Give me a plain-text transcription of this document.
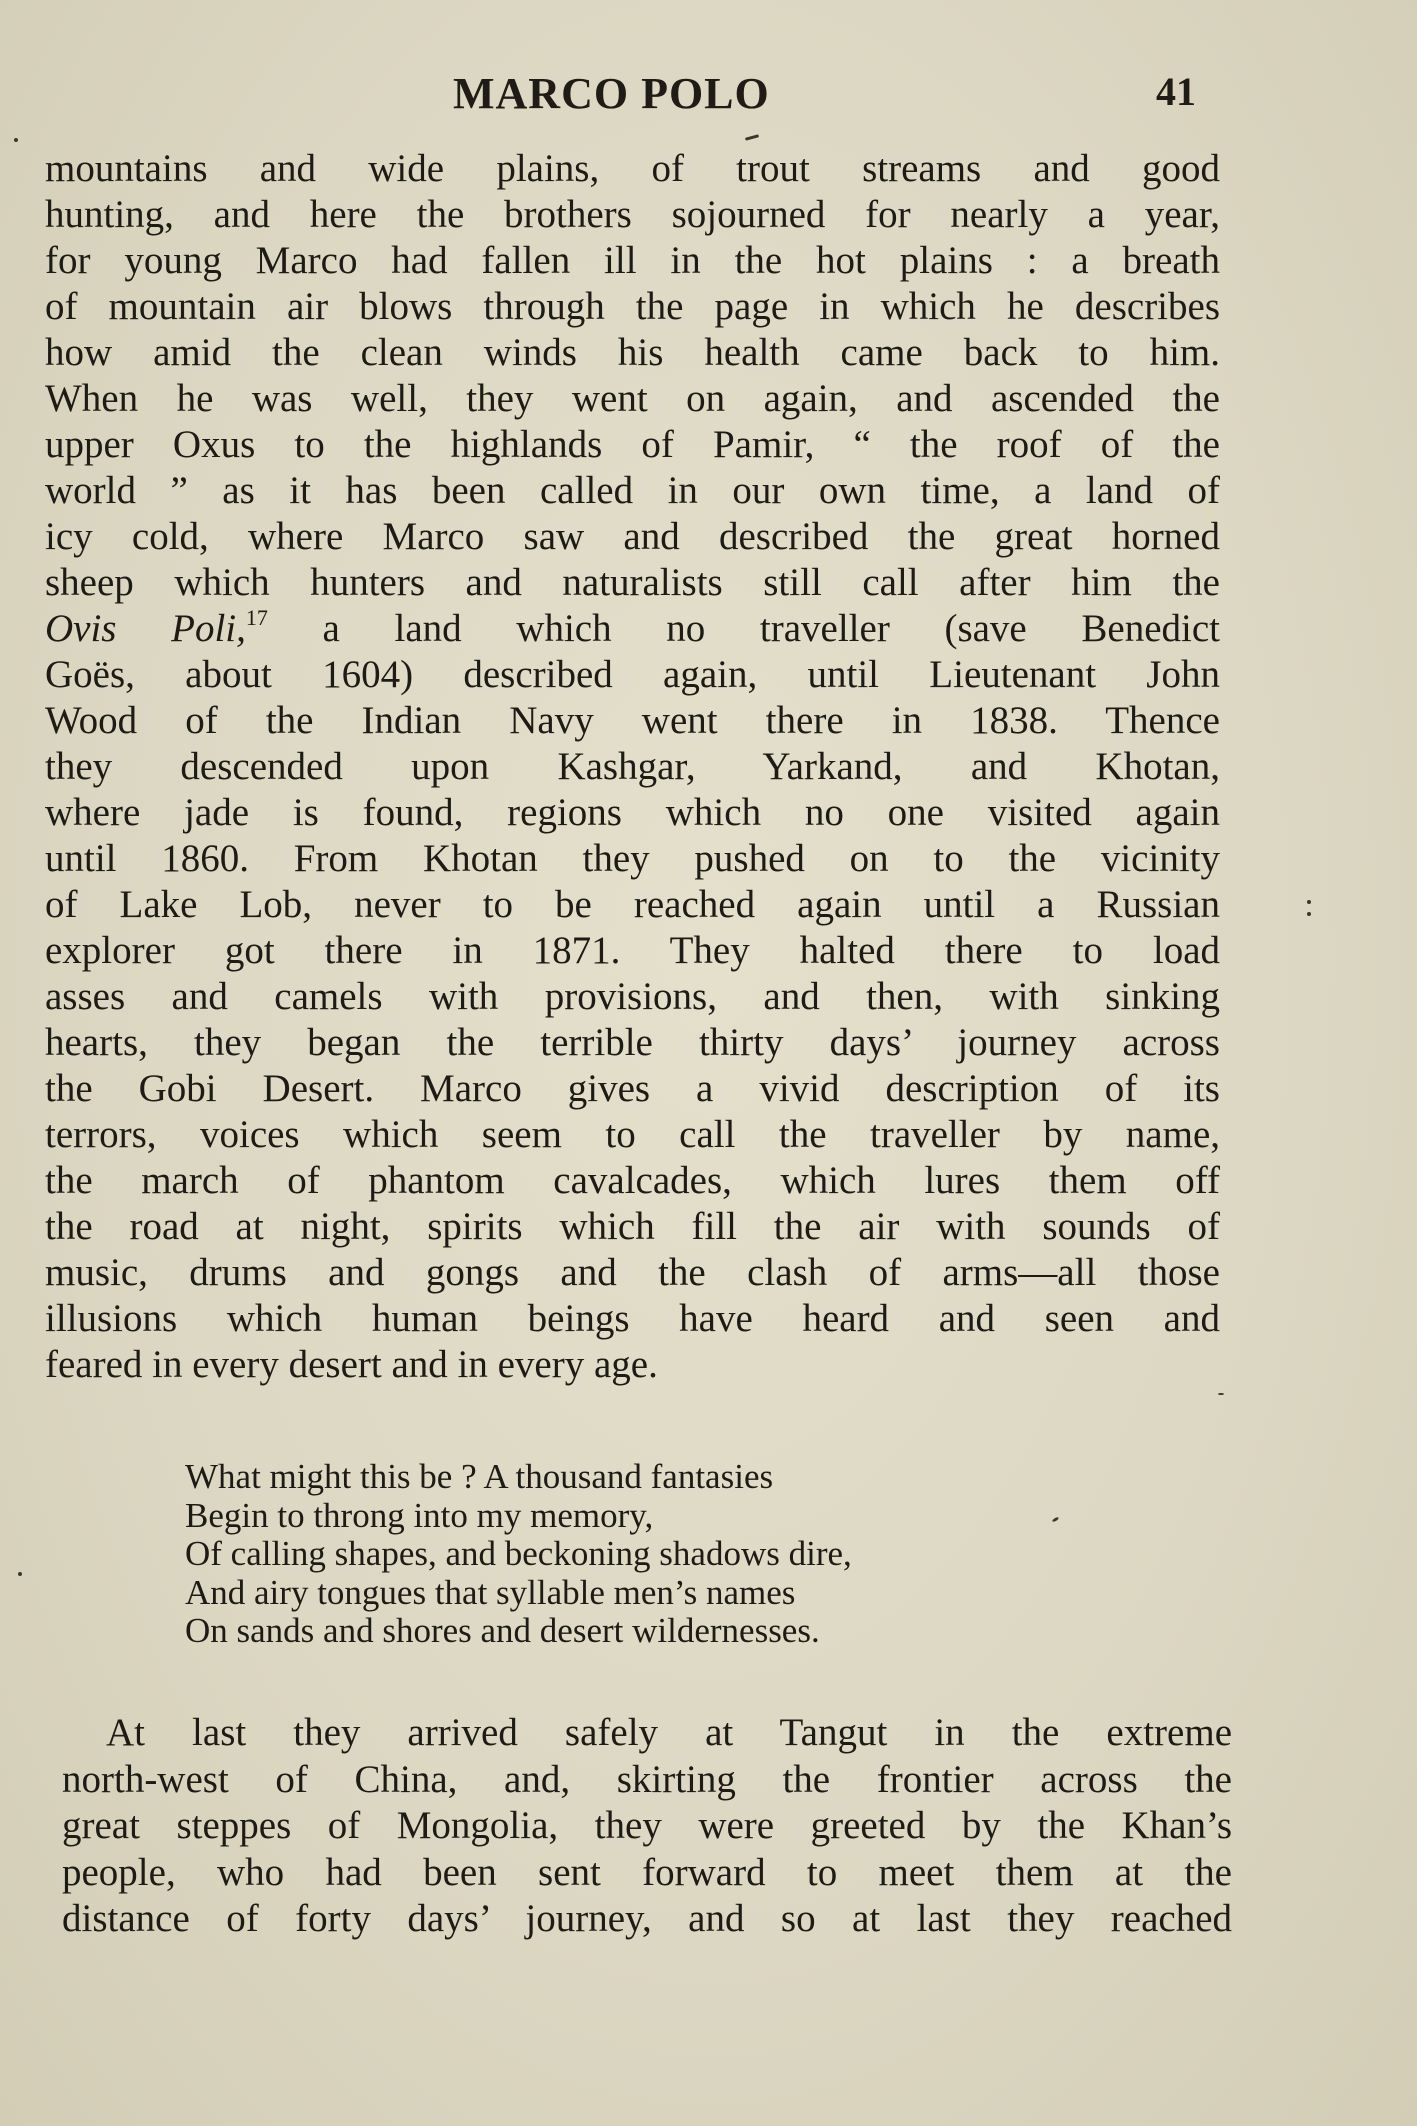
MARCO POLO	41
mountains and wide plains, of trout streams and good
hunting, and here the brothers sojourned for nearly a year,
for young Marco had fallen ill in the hot plains : a breath
of mountain air blows through the page in which he describes
how amid the clean winds his health came back to him.
When he was well, they went on again, and ascended the
upper Oxus to the highlands of Pamir, “ the roof of the
world ” as it has been called in our own time, a land of
icy cold, where Marco saw and described the great horned
sheep which hunters and naturalists still call after him the
Ovis Poli,$^{17}$ a land which no traveller (save Benedict
Goës, about 1604) described again, until Lieutenant John
Wood of the Indian Navy went there in 1838. Thence
they descended upon Kashgar, Yarkand, and Khotan,
where jade is found, regions which no one visited again
until 1860. From Khotan they pushed on to the vicinity
of Lake Lob, never to be reached again until a Russian
explorer got there in 1871. They halted there to load
asses and camels with provisions, and then, with sinking
hearts, they began the terrible thirty days’ journey across
the Gobi Desert. Marco gives a vivid description of its
terrors, voices which seem to call the traveller by name,
the march of phantom cavalcades, which lures them off
the road at night, spirits which fill the air with sounds of
music, drums and gongs and the clash of arms—all those
illusions which human beings have heard and seen and
feared in every desert and in every age.
What might this be ? A thousand fantasies
Begin to throng into my memory,
Of calling shapes, and beckoning shadows dire,
And airy tongues that syllable men’s names
On sands and shores and desert wildernesses.
At last they arrived safely at Tangut in the extreme
north-west of China, and, skirting the frontier across the
great steppes of Mongolia, they were greeted by the Khan’s
people, who had been sent forward to meet them at the
distance of forty days’ journey, and so at last they reached
